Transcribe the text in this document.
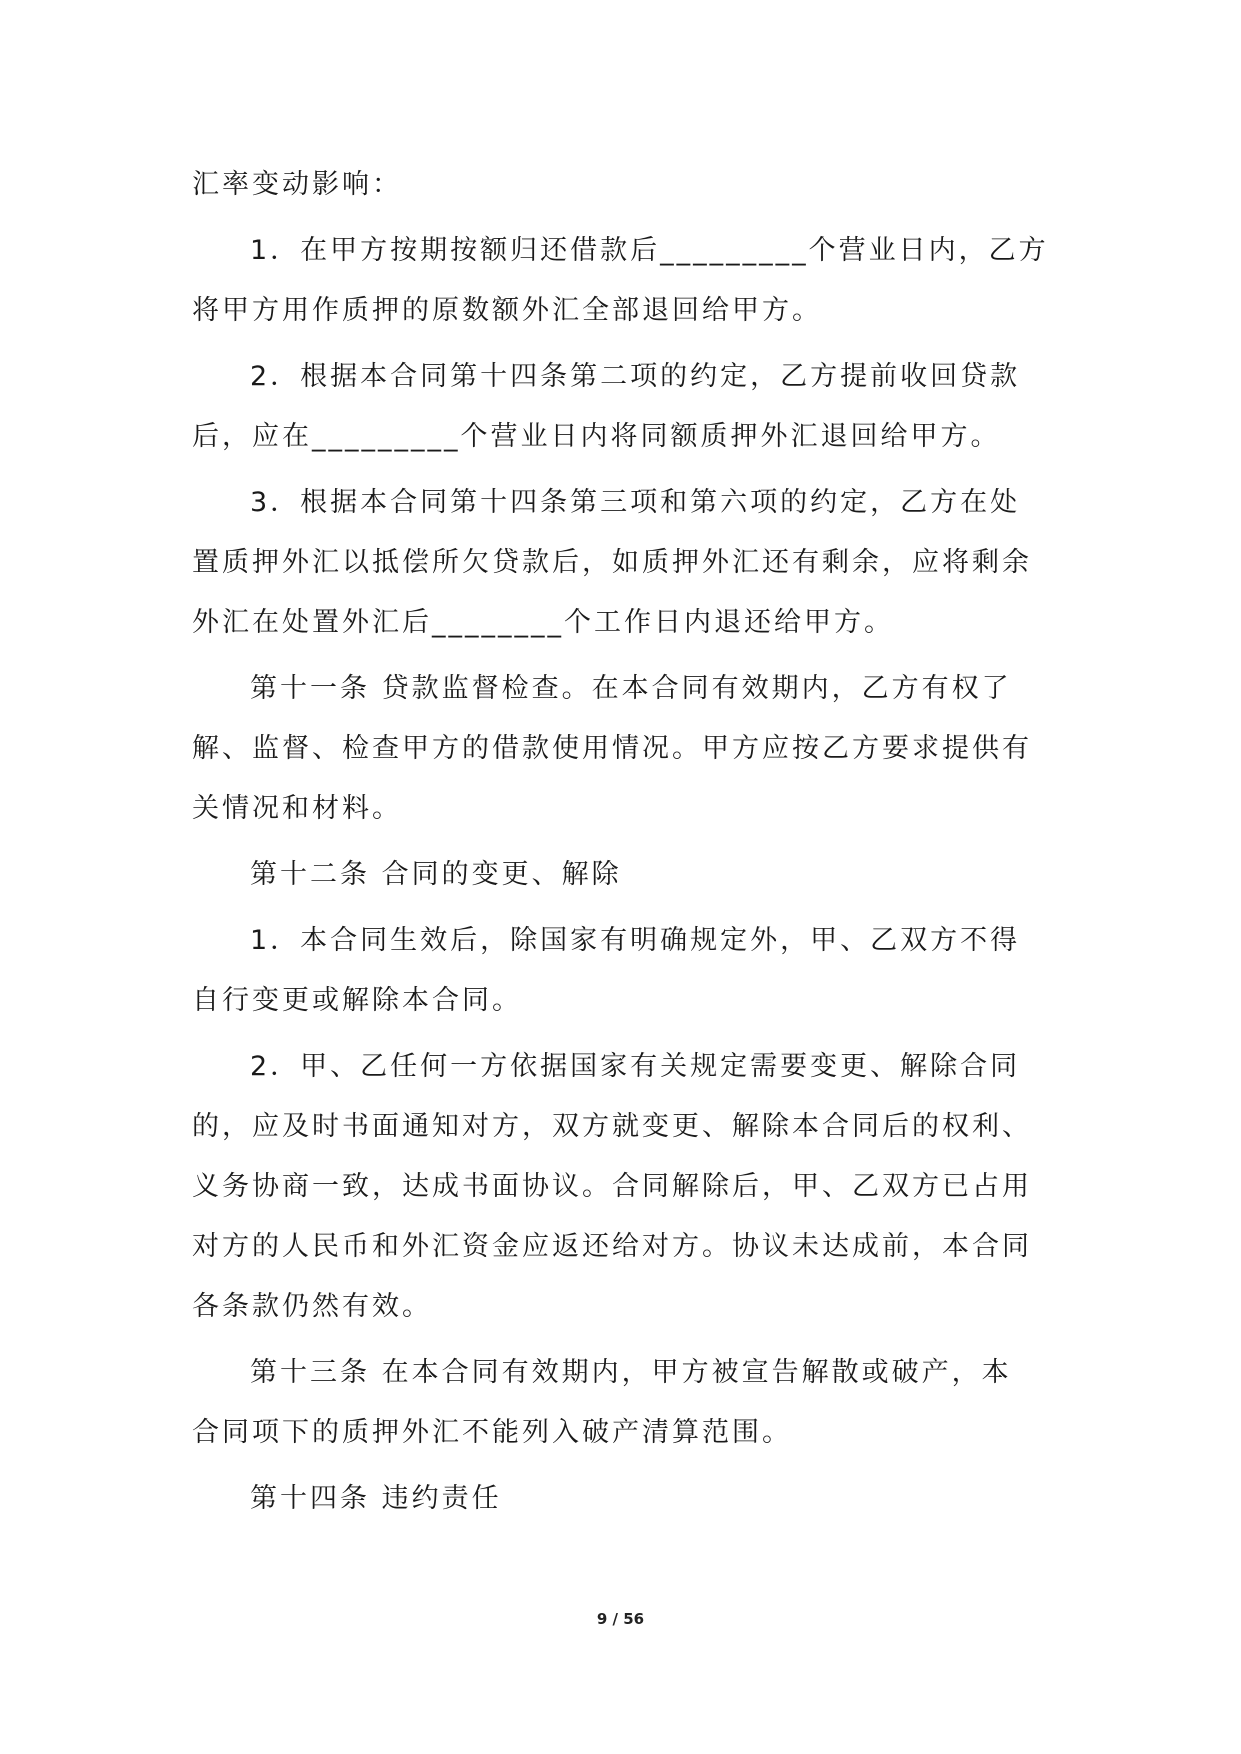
汇率变动影响：
1．在甲方按期按额归还借款后_________个营业日内，乙方
将甲方用作质押的原数额外汇全部退回给甲方。
2．根据本合同第十四条第二项的约定，乙方提前收回贷款
后，应在_________个营业日内将同额质押外汇退回给甲方。
3．根据本合同第十四条第三项和第六项的约定，乙方在处
置质押外汇以抵偿所欠贷款后，如质押外汇还有剩余，应将剩余
外汇在处置外汇后________个工作日内退还给甲方。
第十一条 贷款监督检查。在本合同有效期内，乙方有权了
解、监督、检查甲方的借款使用情况。甲方应按乙方要求提供有
关情况和材料。
第十二条 合同的变更、解除
1．本合同生效后，除国家有明确规定外，甲、乙双方不得
自行变更或解除本合同。
2．甲、乙任何一方依据国家有关规定需要变更、解除合同
的，应及时书面通知对方，双方就变更、解除本合同后的权利、
义务协商一致，达成书面协议。合同解除后，甲、乙双方已占用
对方的人民币和外汇资金应返还给对方。协议未达成前，本合同
各条款仍然有效。
第十三条 在本合同有效期内，甲方被宣告解散或破产，本
合同项下的质押外汇不能列入破产清算范围。
第十四条 违约责任
9 / 56
